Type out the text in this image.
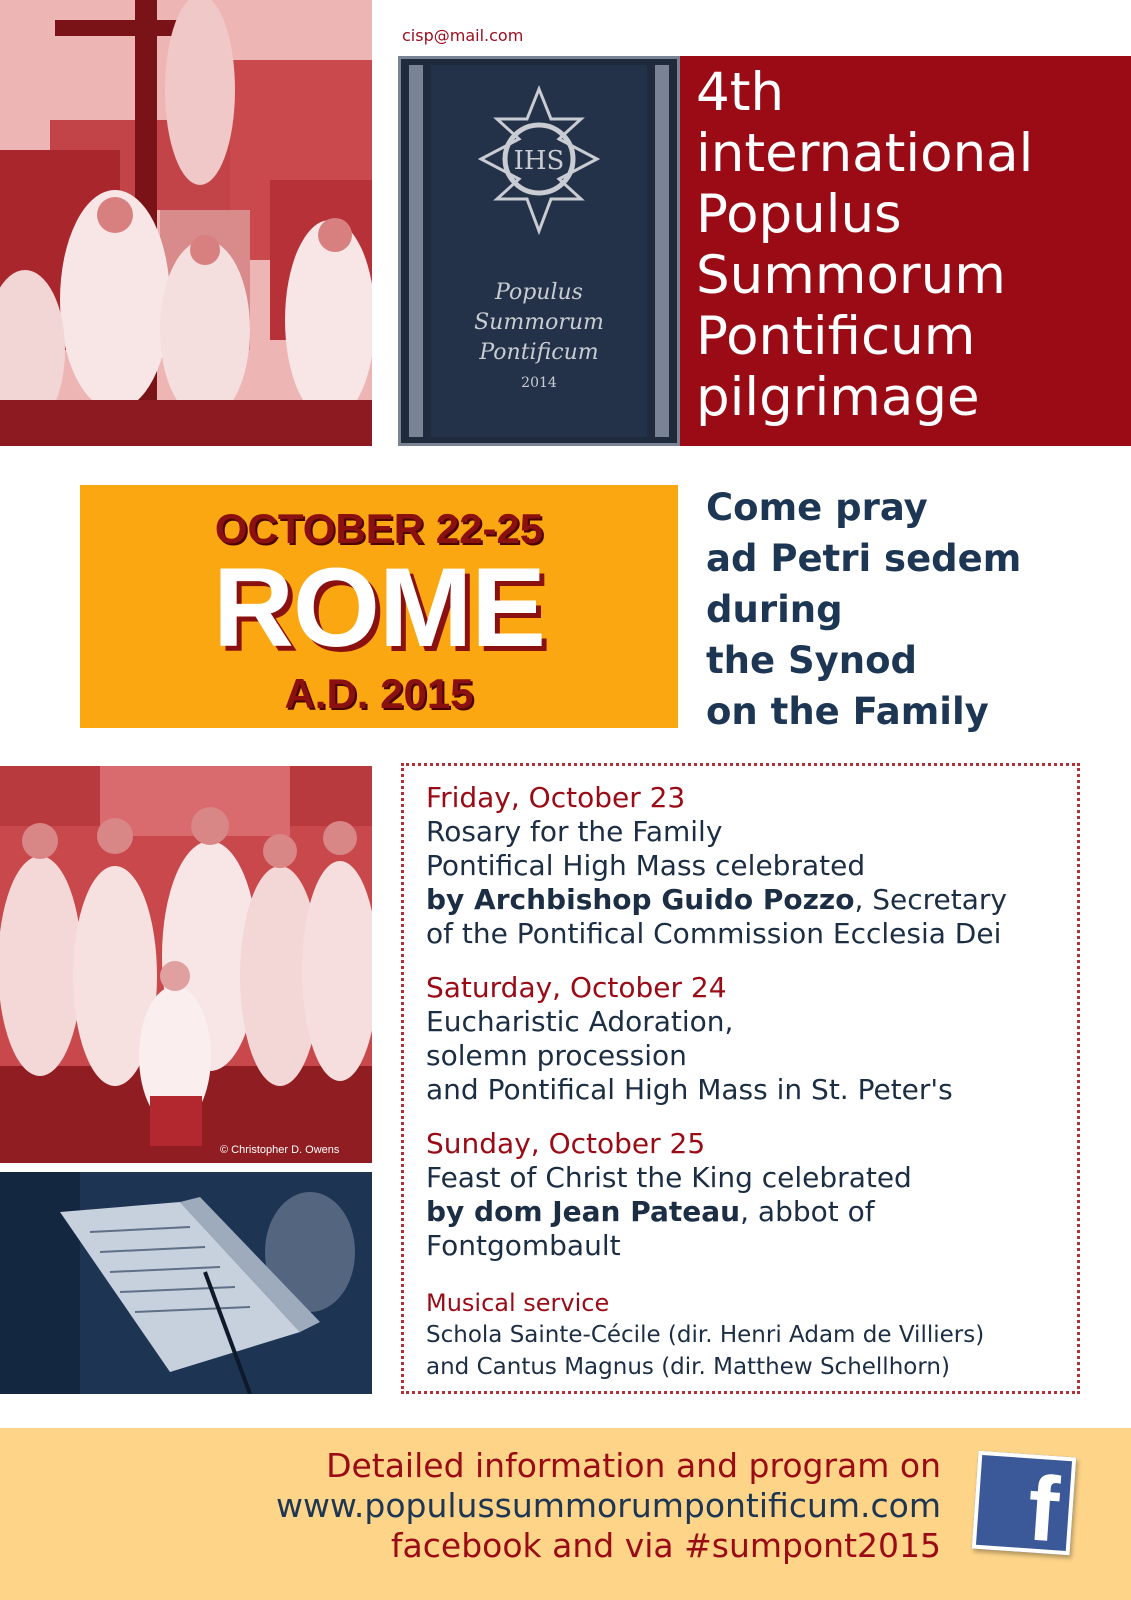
cisp@mail.com
IHS
Populus
Summorum
Pontificum
2014
4th
international
Populus
Summorum
Pontificum
pilgrimage
OCTOBER 22-25
ROME
A.D. 2015
Come pray
ad Petri sedem
during
the Synod
on the Family
© Christopher D. Owens
Friday, October 23
Rosary for the Family
Pontifical High Mass celebrated
by Archbishop Guido Pozzo, Secretary
of the Pontifical Commission Ecclesia Dei
Saturday, October 24
Eucharistic Adoration,
solemn procession
and Pontifical High Mass in St. Peter's
Sunday, October 25
Feast of Christ the King celebrated
by dom Jean Pateau, abbot of
Fontgombault
Musical service
Schola Sainte-Cécile (dir. Henri Adam de Villiers)
and Cantus Magnus (dir. Matthew Schellhorn)
Detailed information and program on
www.populussummorumpontificum.com
facebook and via #sumpont2015 f
